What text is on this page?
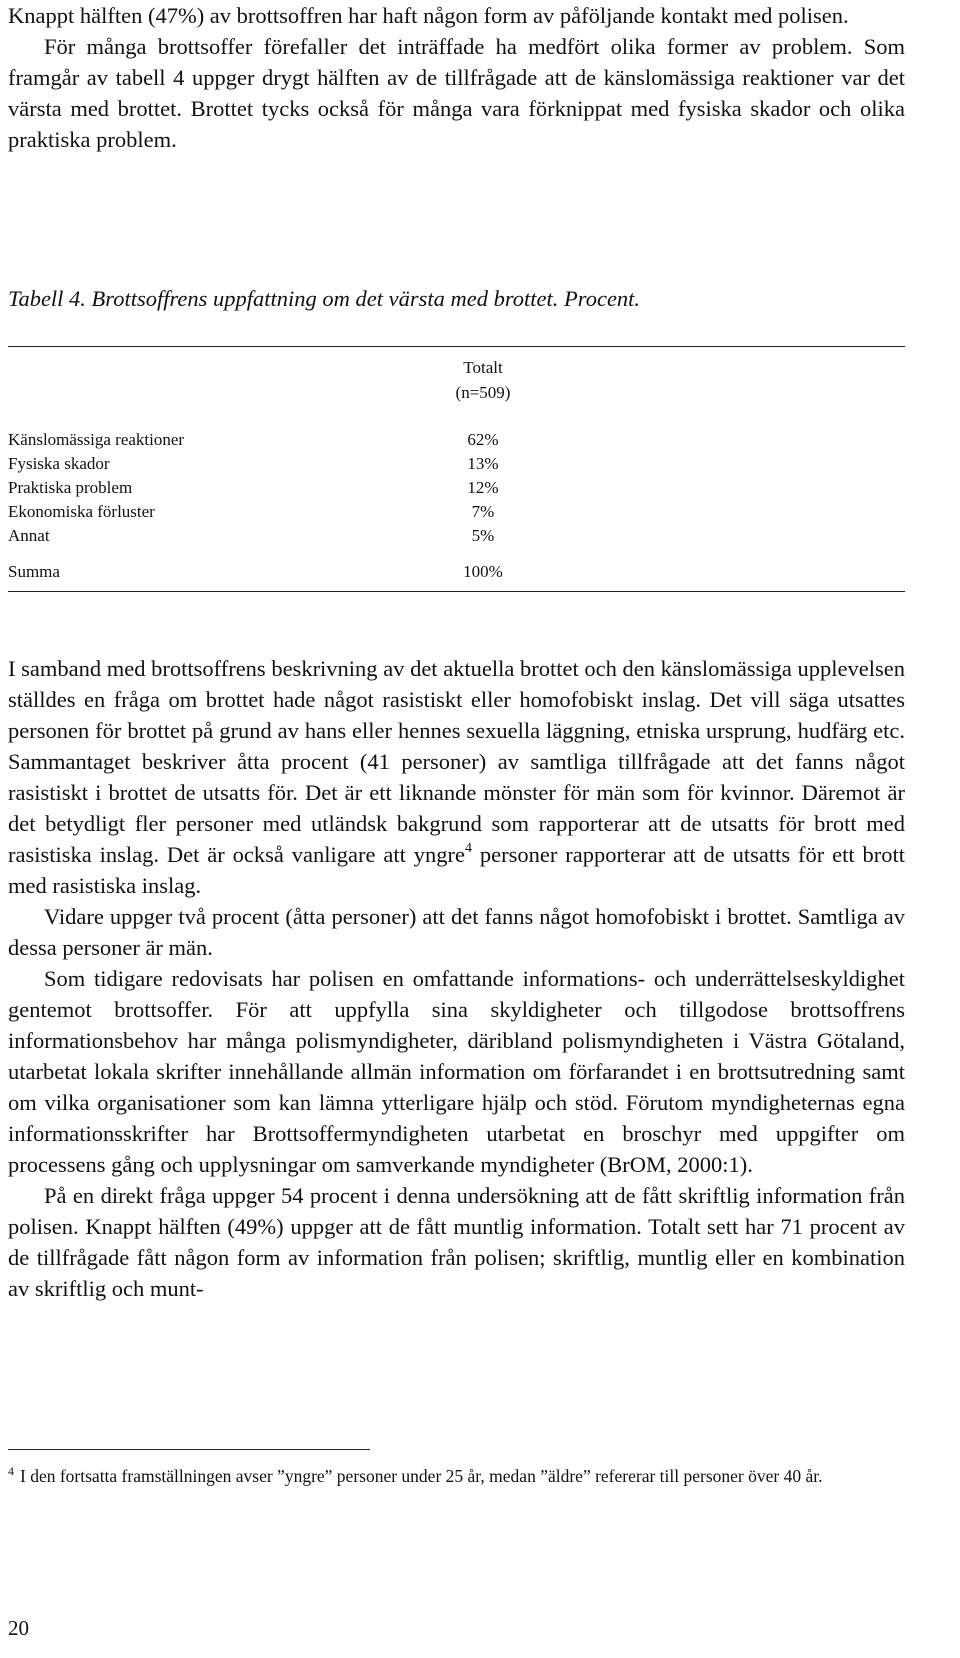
Knappt hälften (47%) av brottsoffren har haft någon form av påföljande kontakt med polisen.

För många brottsoffer förefaller det inträffade ha medfört olika former av problem. Som framgår av tabell 4 uppger drygt hälften av de tillfrågade att de känslomässiga reaktioner var det värsta med brottet. Brottet tycks också för många vara förknippat med fysiska skador och olika praktiska problem.

Tabell 4. Brottsoffrens uppfattning om det värsta med brottet. Procent.

Totalt
(n=509)
Känslomässiga reaktioner	62%
Fysiska skador	13%
Praktiska problem	12%
Ekonomiska förluster	7%
Annat	5%
Summa	100%

I samband med brottsoffrens beskrivning av det aktuella brottet och den känslomässiga upplevelsen ställdes en fråga om brottet hade något rasistiskt eller homofobiskt inslag. Det vill säga utsattes personen för brottet på grund av hans eller hennes sexuella läggning, etniska ursprung, hudfärg etc. Sammantaget beskriver åtta procent (41 personer) av samtliga tillfrågade att det fanns något rasistiskt i brottet de utsatts för. Det är ett liknande mönster för män som för kvinnor. Däremot är det betydligt fler personer med utländsk bakgrund som rapporterar att de utsatts för brott med rasistiska inslag. Det är också vanligare att yngre$^4$ personer rapporterar att de utsatts för ett brott med rasistiska inslag.

Vidare uppger två procent (åtta personer) att det fanns något homofobiskt i brottet. Samtliga av dessa personer är män.

Som tidigare redovisats har polisen en omfattande informations- och underrättelseskyldighet gentemot brottsoffer. För att uppfylla sina skyldigheter och tillgodose brottsoffrens informationsbehov har många polismyndigheter, däribland polismyndigheten i Västra Götaland, utarbetat lokala skrifter innehållande allmän information om förfarandet i en brottsutredning samt om vilka organisationer som kan lämna ytterligare hjälp och stöd. Förutom myndigheternas egna informationsskrifter har Brottsoffermyndigheten utarbetat en broschyr med uppgifter om processens gång och upplysningar om samverkande myndigheter (BrOM, 2000:1).

På en direkt fråga uppger 54 procent i denna undersökning att de fått skriftlig information från polisen. Knappt hälften (49%) uppger att de fått muntlig information. Totalt sett har 71 procent av de tillfrågade fått någon form av information från polisen; skriftlig, muntlig eller en kombination av skriftlig och munt-

$^4$ I den fortsatta framställningen avser ”yngre” personer under 25 år, medan ”äldre” refererar till personer över 40 år.
20
